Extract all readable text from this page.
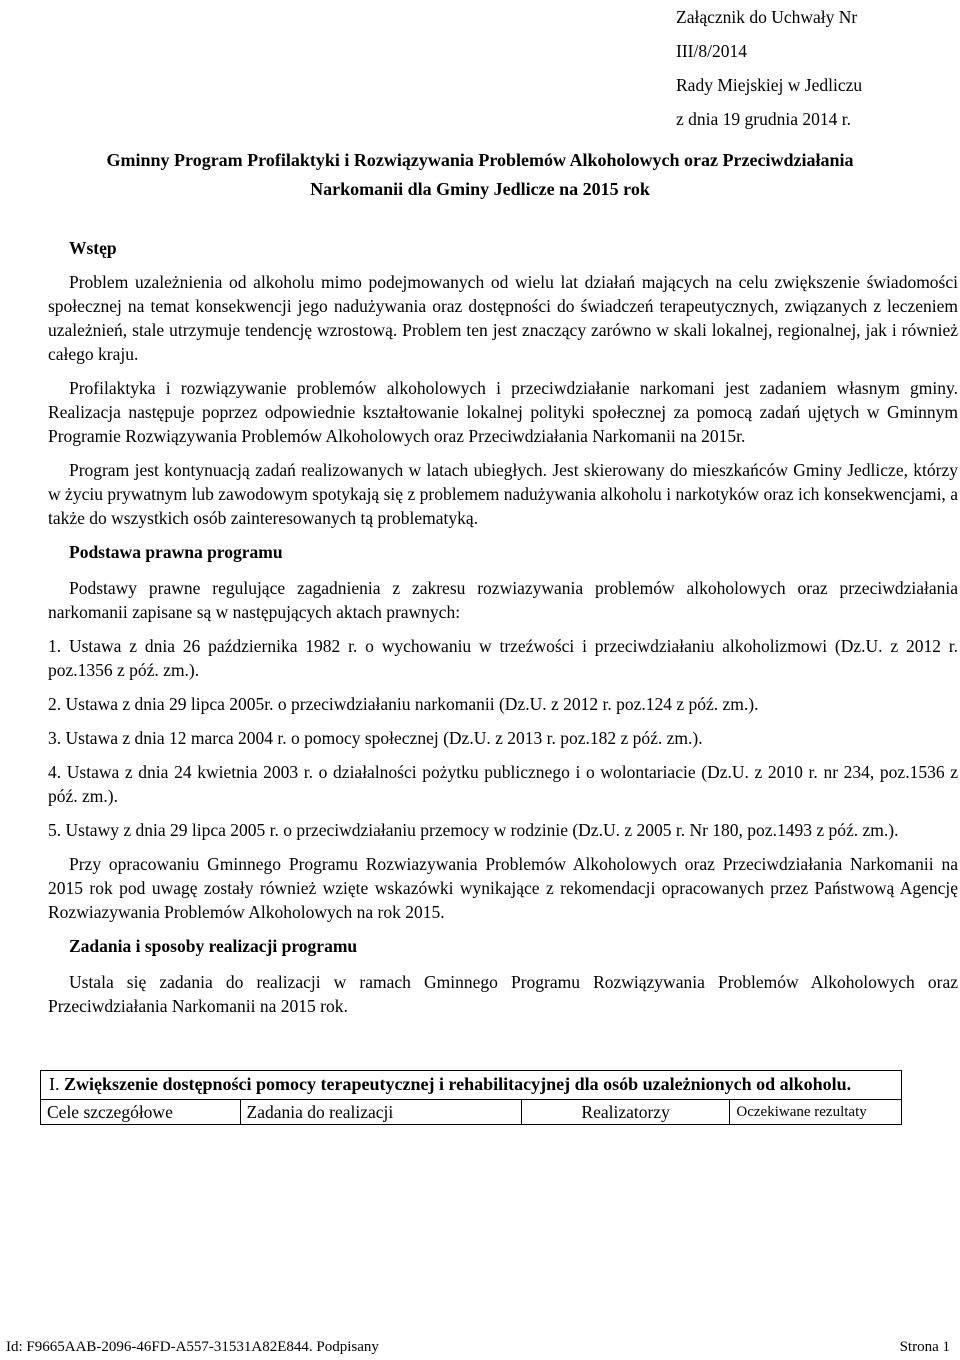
Załącznik do Uchwały Nr
III/8/2014
Rady Miejskiej w Jedliczu
z dnia 19 grudnia 2014 r.
Gminny Program Profilaktyki i Rozwiązywania Problemów Alkoholowych oraz Przeciwdziałania
Narkomanii dla Gminy Jedlicze na 2015 rok
Wstęp

Problem uzależnienia od alkoholu mimo podejmowanych od wielu lat działań mających na celu zwiększenie świadomości społecznej na temat konsekwencji jego nadużywania oraz dostępności do świadczeń terapeutycznych, związanych z leczeniem uzależnień, stale utrzymuje tendencję wzrostową. Problem ten jest znaczący zarówno w skali lokalnej, regionalnej, jak i również całego kraju.

Profilaktyka i rozwiązywanie problemów alkoholowych i przeciwdziałanie narkomani jest zadaniem własnym gminy. Realizacja następuje poprzez odpowiednie kształtowanie lokalnej polityki społecznej za pomocą zadań ujętych w Gminnym Programie Rozwiązywania Problemów Alkoholowych oraz Przeciwdziałania Narkomanii na 2015r.

Program jest kontynuacją zadań realizowanych w latach ubiegłych. Jest skierowany do mieszkańców Gminy Jedlicze, którzy w życiu prywatnym lub zawodowym spotykają się z problemem nadużywania alkoholu i narkotyków oraz ich konsekwencjami, a także do wszystkich osób zainteresowanych tą problematyką.

Podstawa prawna programu

Podstawy prawne regulujące zagadnienia z zakresu rozwiazywania problemów alkoholowych oraz przeciwdziałania narkomanii zapisane są w następujących aktach prawnych:

1. Ustawa z dnia 26 października 1982 r. o wychowaniu w trzeźwości i przeciwdziałaniu alkoholizmowi (Dz.U. z 2012 r. poz.1356 z póź. zm.).

2. Ustawa z dnia 29 lipca 2005r. o przeciwdziałaniu narkomanii (Dz.U. z 2012 r. poz.124 z póź. zm.).

3. Ustawa z dnia 12 marca 2004 r. o pomocy społecznej (Dz.U. z 2013 r. poz.182 z póź. zm.).

4. Ustawa z dnia 24 kwietnia 2003 r. o działalności pożytku publicznego i o wolontariacie (Dz.U. z 2010 r. nr 234, poz.1536 z póź. zm.).

5. Ustawy z dnia 29 lipca 2005 r. o przeciwdziałaniu przemocy w rodzinie (Dz.U. z 2005 r. Nr 180, poz.1493 z póź. zm.).

Przy opracowaniu Gminnego Programu Rozwiazywania Problemów Alkoholowych oraz Przeciwdziałania Narkomanii na 2015 rok pod uwagę zostały również wzięte wskazówki wynikające z rekomendacji opracowanych przez Państwową Agencję Rozwiazywania Problemów Alkoholowych na rok 2015.

Zadania i sposoby realizacji programu

Ustala się zadania do realizacji w ramach Gminnego Programu Rozwiązywania Problemów Alkoholowych oraz Przeciwdziałania Narkomanii na 2015 rok.

I. Zwiększenie dostępności pomocy terapeutycznej i rehabilitacyjnej dla osób uzależnionych od alkoholu.
Cele szczegółowe	Zadania do realizacji	Realizatorzy	Oczekiwane rezultaty
Id: F9665AAB-2096-46FD-A557-31531A82E844. Podpisany	Strona 1
